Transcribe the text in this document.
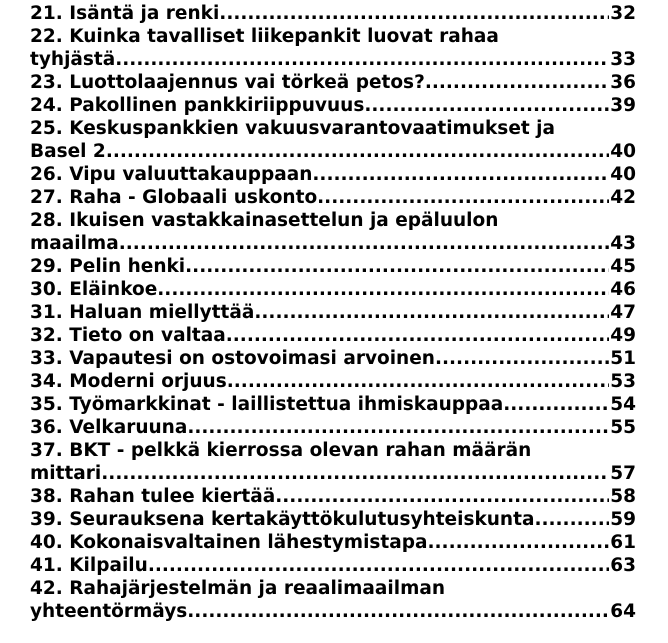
21. Isäntä ja renki .....	32
22. Kuinka tavalliset liikepankit luovat rahaa
tyhjästä .....	33
23. Luottolaajennus vai törkeä petos? .....	36
24. Pakollinen pankkiriippuvuus .....	39
25. Keskuspankkien vakuusvarantovaatimukset ja
Basel 2 .....	40
26. Vipu valuuttakauppaan .....	40
27. Raha - Globaali uskonto .....	42
28. Ikuisen vastakkainasettelun ja epäluulon
maailma .....	43
29. Pelin henki .....	45
30. Eläinkoe .....	46
31. Haluan miellyttää .....	47
32. Tieto on valtaa .....	49
33. Vapautesi on ostovoimasi arvoinen .....	51
34. Moderni orjuus .....	53
35. Työmarkkinat - laillistettua ihmiskauppaa .....	54
36. Velkaruuna .....	55
37. BKT - pelkkä kierrossa olevan rahan määrän
mittari .....	57
38. Rahan tulee kiertää .....	58
39. Seurauksena kertakäyttökulutusyhteiskunta .....	59
40. Kokonaisvaltainen lähestymistapa .....	61
41. Kilpailu .....	63
42. Rahajärjestelmän ja reaalimaailman
yhteentörmäys .....	64
